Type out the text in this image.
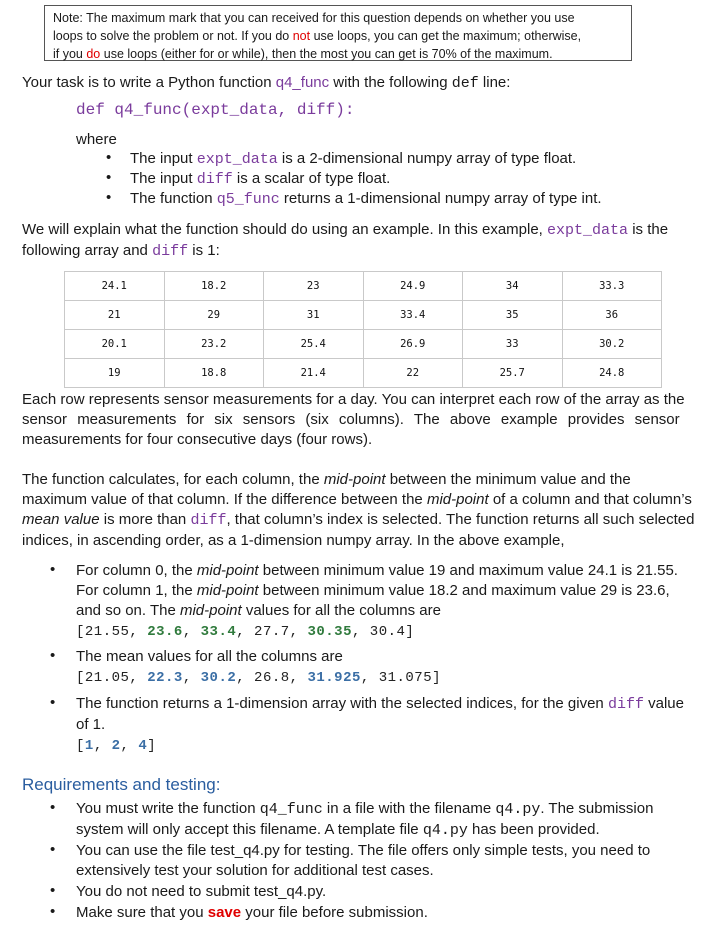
Note: The maximum mark that you can received for this question depends on whether you use
loops to solve the problem or not. If you do not use loops, you can get the maximum; otherwise,
if you do use loops (either for or while), then the most you can get is 70% of the maximum.

Your task is to write a Python function q4_func with the following def line:

def q4_func(expt_data, diff):
where
• The input expt_data is a 2-dimensional numpy array of type float.
• The input diff is a scalar of type float.
• The function q5_func returns a 1-dimensional numpy array of type int.

We will explain what the function should do using an example. In this example, expt_data is the
following array and diff is 1:

24.1	18.2	23	24.9	34	33.3
21	29	31	33.4	35	36
20.1	23.2	25.4	26.9	33	30.2
19	18.8	21.4	22	25.7	24.8

Each row represents sensor measurements for a day. You can interpret each row of the array as the
sensor measurements for six sensors (six columns). The above example provides sensor
measurements for four consecutive days (four rows).

The function calculates, for each column, the mid-point between the minimum value and the
maximum value of that column. If the difference between the mid-point of a column and that column’s
mean value is more than diff, that column’s index is selected. The function returns all such selected
indices, in ascending order, as a 1-dimension numpy array. In the above example,

• For column 0, the mid-point between minimum value 19 and maximum value 24.1 is 21.55.
For column 1, the mid-point between minimum value 18.2 and maximum value 29 is 23.6,
and so on. The mid-point values for all the columns are
[21.55, 23.6, 33.4, 27.7, 30.35, 30.4]
• The mean values for all the columns are
[21.05, 22.3, 30.2, 26.8, 31.925, 31.075]
• The function returns a 1-dimension array with the selected indices, for the given diff value
of 1.
[1, 2, 4]
Requirements and testing:
• You must write the function q4_func in a file with the filename q4.py. The submission
system will only accept this filename. A template file q4.py has been provided.
• You can use the file test_q4.py for testing. The file offers only simple tests, you need to
extensively test your solution for additional test cases.
• You do not need to submit test_q4.py.
• Make sure that you save your file before submission.
